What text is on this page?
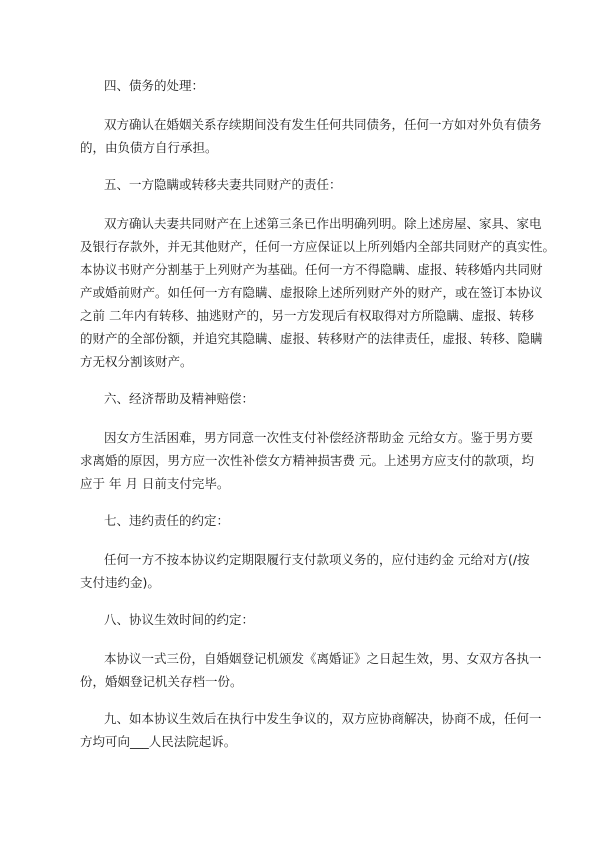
四、债务的处理：
双方确认在婚姻关系存续期间没有发生任何共同债务，任何一方如对外负有债务
的，由负债方自行承担。
五、一方隐瞒或转移夫妻共同财产的责任：
双方确认夫妻共同财产在上述第三条已作出明确列明。除上述房屋、家具、家电
及银行存款外，并无其他财产，任何一方应保证以上所列婚内全部共同财产的真实性。
本协议书财产分割基于上列财产为基础。任何一方不得隐瞒、虚报、转移婚内共同财
产或婚前财产。如任何一方有隐瞒、虚报除上述所列财产外的财产，或在签订本协议
之前 二年内有转移、抽逃财产的，另一方发现后有权取得对方所隐瞒、虚报、转移
的财产的全部份额，并追究其隐瞒、虚报、转移财产的法律责任，虚报、转移、隐瞒
方无权分割该财产。
六、经济帮助及精神赔偿：
因女方生活困难，男方同意一次性支付补偿经济帮助金 元给女方。鉴于男方要
求离婚的原因，男方应一次性补偿女方精神损害费 元。上述男方应支付的款项，均
应于 年 月 日前支付完毕。
七、违约责任的约定：
任何一方不按本协议约定期限履行支付款项义务的，应付违约金 元给对方(/按
支付违约金)。
八、协议生效时间的约定：
本协议一式三份，自婚姻登记机颁发《离婚证》之日起生效，男、女双方各执一
份，婚姻登记机关存档一份。
九、如本协议生效后在执行中发生争议的，双方应协商解决，协商不成，任何一
方均可向___人民法院起诉。
